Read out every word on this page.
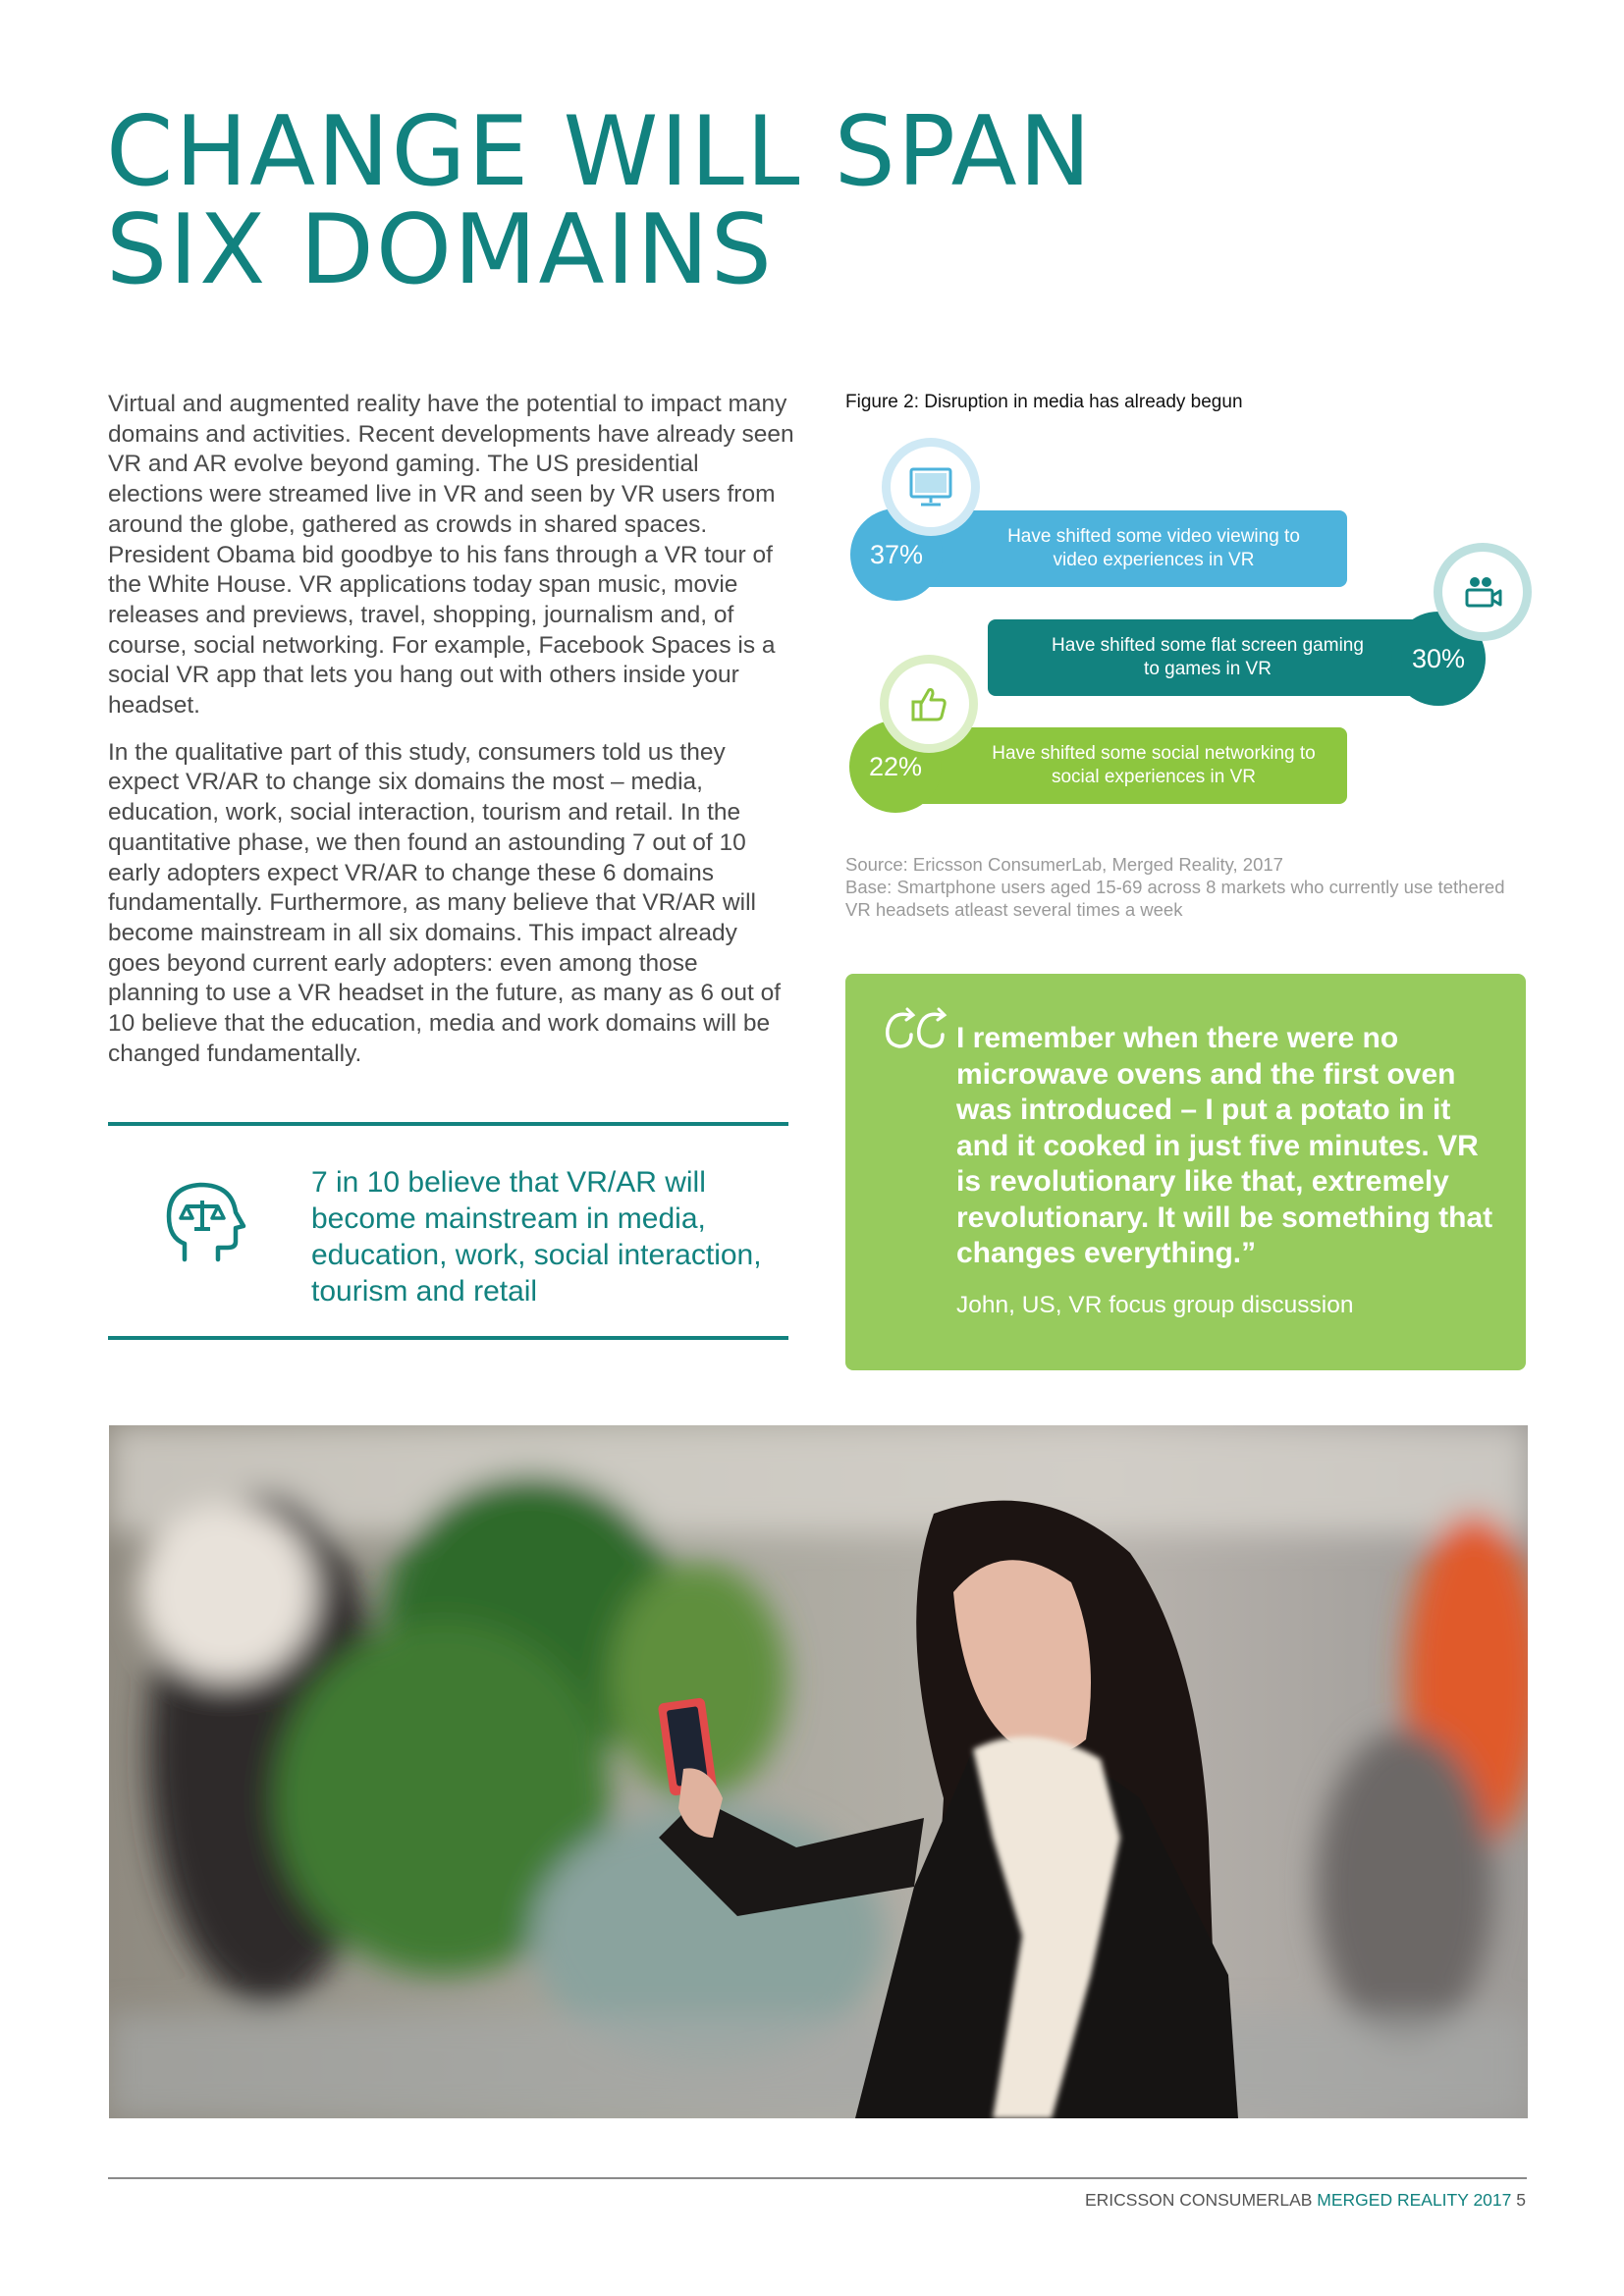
CHANGE WILL SPAN
SIX DOMAINS

Virtual and augmented reality have the potential to impact many domains and activities. Recent developments have already seen VR and AR evolve beyond gaming. The US presidential elections were streamed live in VR and seen by VR users from around the globe, gathered as crowds in shared spaces. President Obama bid goodbye to his fans through a VR tour of the White House. VR applications today span music, movie releases and previews, travel, shopping, journalism and, of course, social networking. For example, Facebook Spaces is a social VR app that lets you hang out with others inside your headset.

In the qualitative part of this study, consumers told us they expect VR/AR to change six domains the most – media, education, work, social interaction, tourism and retail. In the quantitative phase, we then found an astounding 7 out of 10 early adopters expect VR/AR to change these 6 domains fundamentally. Furthermore, as many believe that VR/AR will become mainstream in all six domains. This impact already goes beyond current early adopters: even among those planning to use a VR headset in the future, as many as 6 out of 10 believe that the education, media and work domains will be changed fundamentally.

7 in 10 believe that VR/AR will become mainstream in media, education, work, social interaction, tourism and retail
Figure 2: Disruption in media has already begun
Have shifted some video viewing to video experiences in VR
37%
Have shifted some flat screen gaming to games in VR	30%
Have shifted some social networking to social experiences in VR
22%
Source: Ericsson ConsumerLab, Merged Reality, 2017
Base: Smartphone users aged 15-69 across 8 markets who currently use tethered VR headsets atleast several times a week
I remember when there were no microwave ovens and the first oven was introduced – I put a potato in it and it cooked in just five minutes. VR is revolutionary like that, extremely revolutionary. It will be something that changes everything.”
John, US, VR focus group discussion
ERICSSON CONSUMERLAB MERGED REALITY 2017 5
